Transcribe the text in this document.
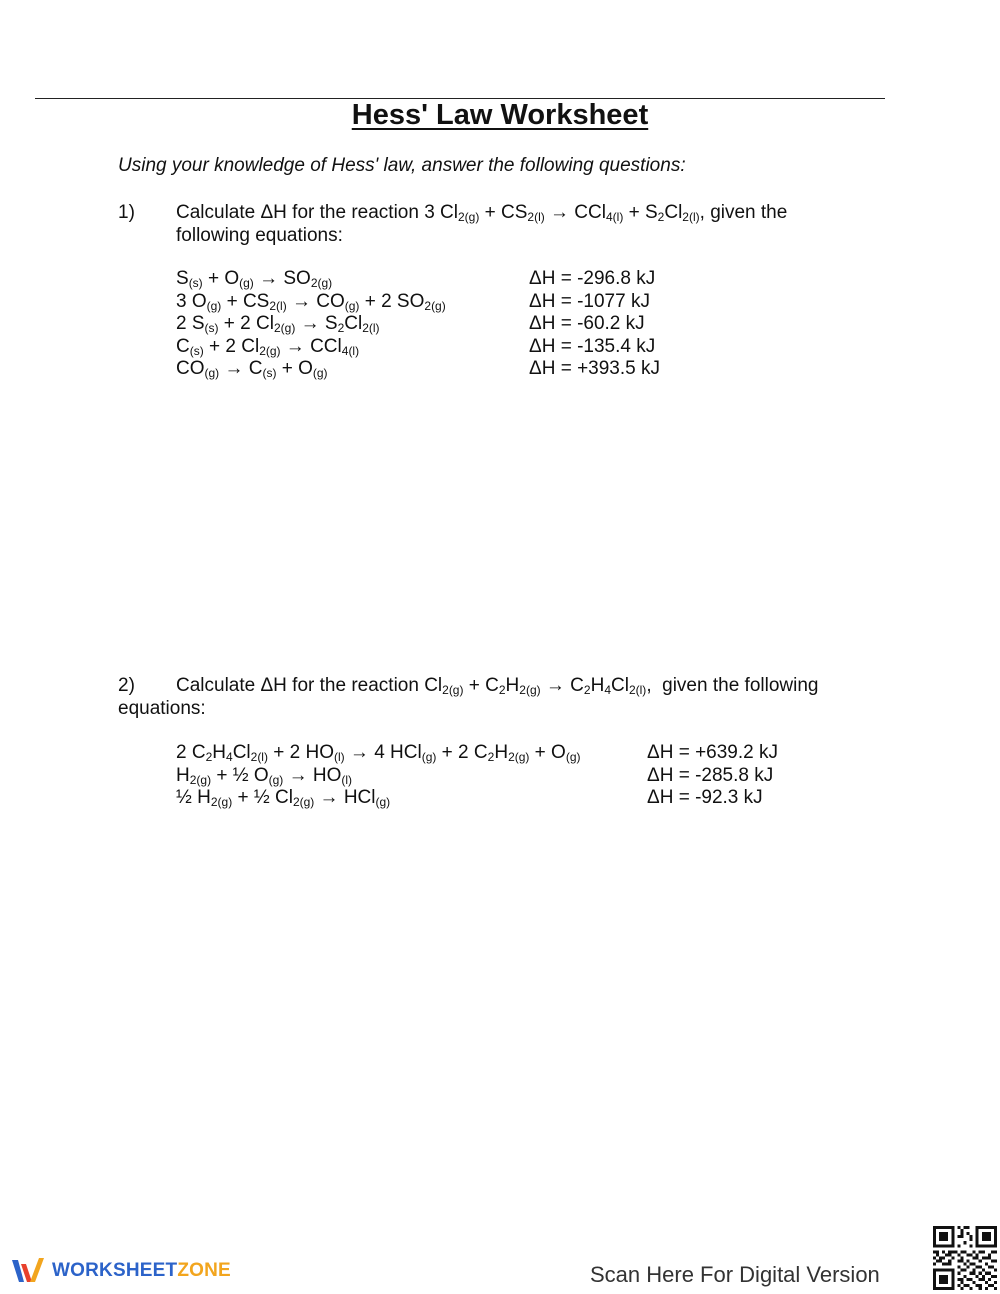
Hess' Law Worksheet
Using your knowledge of Hess' law, answer the following questions:
1) Calculate ΔH for the reaction 3 $Cl_{2(g)} + CS_{2(l)} \to CCl_{4(l)} + S_2Cl_{2(l)}$, given the
following equations:
$S_{(s)} + O_{(g)} \to SO_{2(g)}$	ΔH = -296.8 kJ
3 $O_{(g)} + CS_{2(l)} \to CO_{(g)} + 2$ $SO_{2(g)}$	ΔH = -1077 kJ
2 $S_{(s)} + 2$ $Cl_{2(g)} \to S_2Cl_{2(l)}$	ΔH = -60.2 kJ
$C_{(s)} + 2$ $Cl_{2(g)} \to CCl_{4(l)}$	ΔH = -135.4 kJ
$CO_{(g)} \to C_{(s)} + O_{(g)}$	ΔH = +393.5 kJ
2) Calculate ΔH for the reaction $Cl_{2(g)} + C_2H_{2(g)} \to C_2H_4Cl_{2(l)}$,  given the following
equations:
2 $C_2H_4Cl_{2(l)} + 2$ $HO_{(l)} \to 4$ HCl$_{(g)}$ + 2 $C_2H_{2(g)} + O_{(g)}$	ΔH = +639.2 kJ
$H_{2(g)}$ + ½ $O_{(g)} \to HO_{(l)}$	ΔH = -285.8 kJ
½ $H_{2(g)}$ + ½ $Cl_{2(g)} \to HCl_{(g)}$	ΔH = -92.3 kJ
WORKSHEETZONE	Scan Here For Digital Version
